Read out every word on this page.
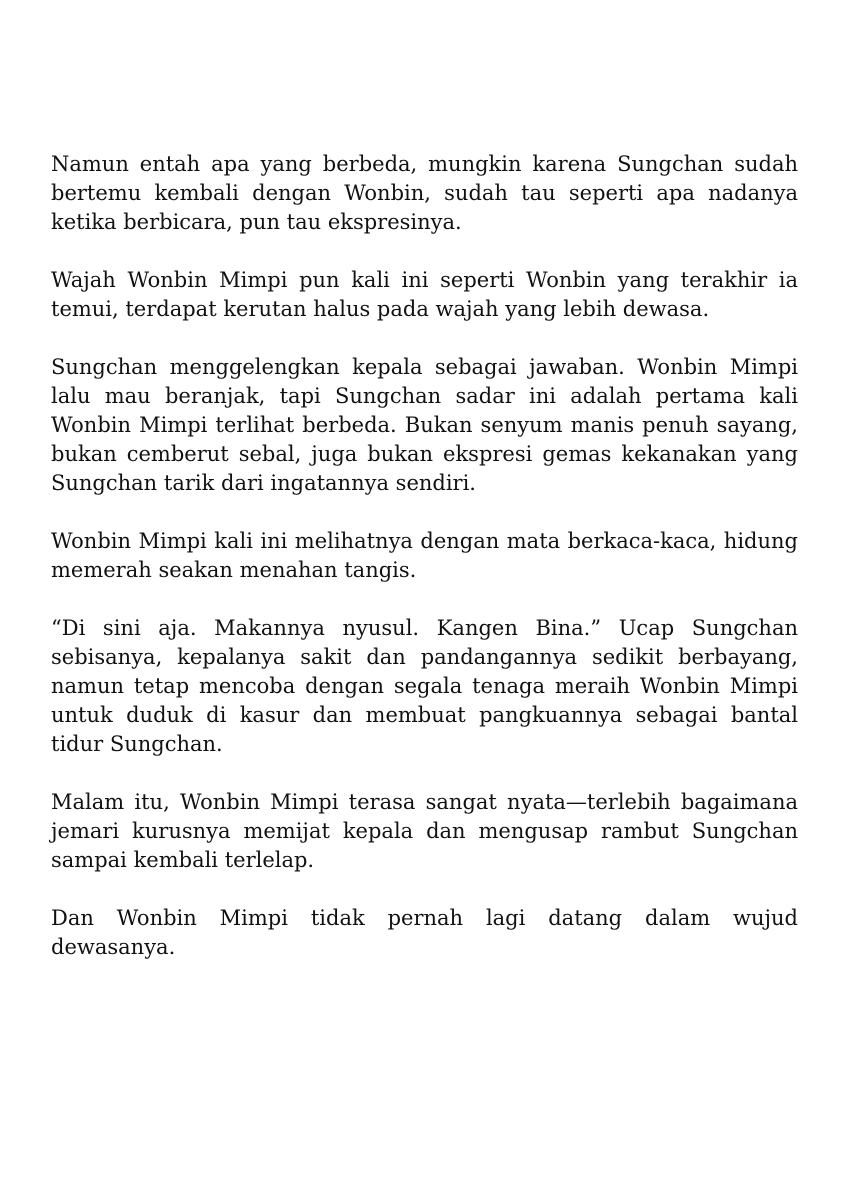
Namun entah apa yang berbeda, mungkin karena Sungchan sudah bertemu kembali dengan Wonbin, sudah tau seperti apa nadanya ketika berbicara, pun tau ekspresinya.

Wajah Wonbin Mimpi pun kali ini seperti Wonbin yang terakhir ia temui, terdapat kerutan halus pada wajah yang lebih dewasa.

Sungchan menggelengkan kepala sebagai jawaban. Wonbin Mimpi lalu mau beranjak, tapi Sungchan sadar ini adalah pertama kali Wonbin Mimpi terlihat berbeda. Bukan senyum manis penuh sayang, bukan cemberut sebal, juga bukan ekspresi gemas kekanakan yang Sungchan tarik dari ingatannya sendiri.

Wonbin Mimpi kali ini melihatnya dengan mata berkaca-kaca, hidung memerah seakan menahan tangis.

“Di sini aja. Makannya nyusul. Kangen Bina.” Ucap Sungchan sebisanya, kepalanya sakit dan pandangannya sedikit berbayang, namun tetap mencoba dengan segala tenaga meraih Wonbin Mimpi untuk duduk di kasur dan membuat pangkuannya sebagai bantal tidur Sungchan.

Malam itu, Wonbin Mimpi terasa sangat nyata—terlebih bagaimana jemari kurusnya memijat kepala dan mengusap rambut Sungchan sampai kembali terlelap.

Dan Wonbin Mimpi tidak pernah lagi datang dalam wujud dewasanya.
